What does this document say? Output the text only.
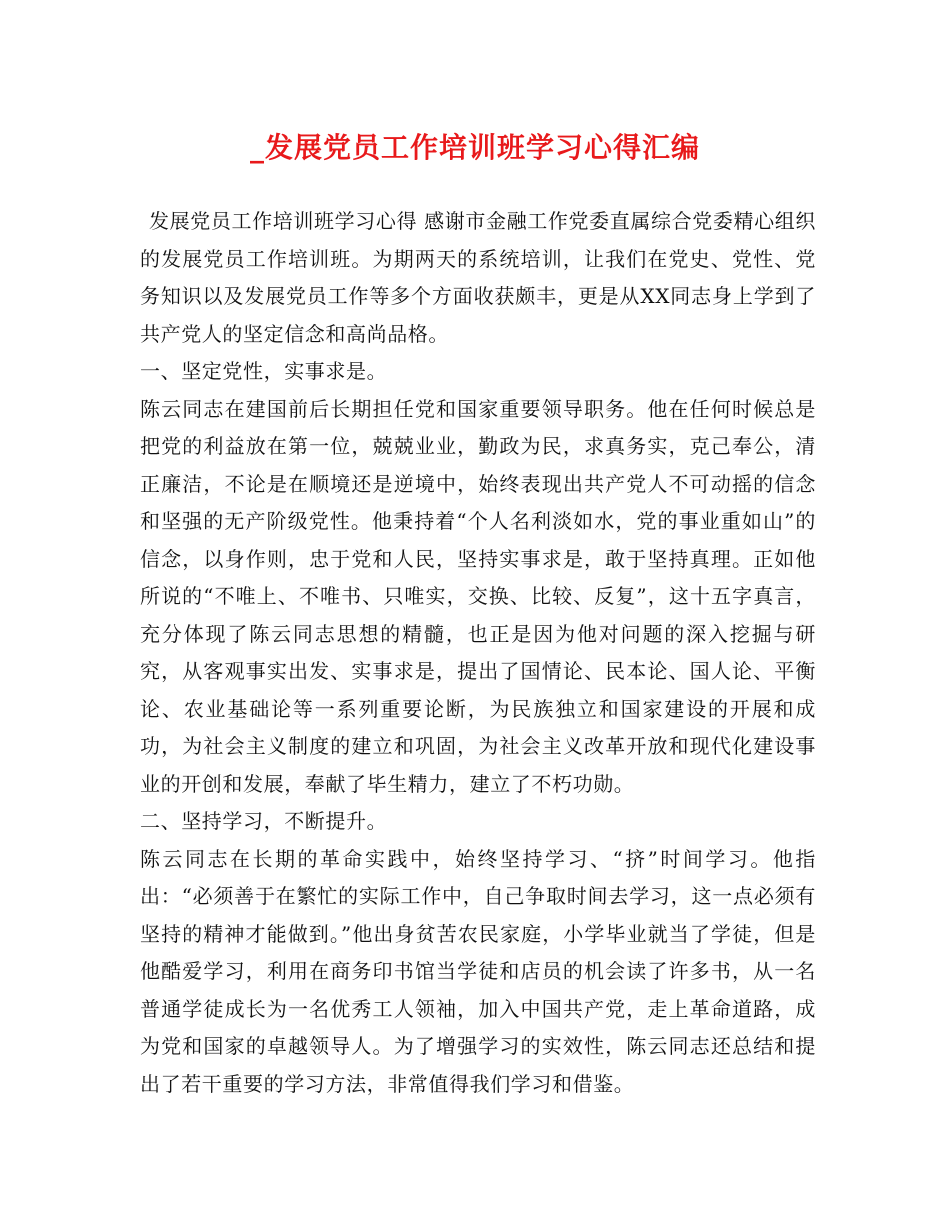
_发展党员工作培训班学习心得汇编

发展党员工作培训班学习心得 感谢市金融工作党委直属综合党委精心组织的发展党员工作培训班。为期两天的系统培训，让我们在党史、党性、党务知识以及发展党员工作等多个方面收获颇丰，更是从XX同志身上学到了共产党人的坚定信念和高尚品格。

一、坚定党性，实事求是。

陈云同志在建国前后长期担任党和国家重要领导职务。他在任何时候总是把党的利益放在第一位，兢兢业业，勤政为民，求真务实，克己奉公，清正廉洁，不论是在顺境还是逆境中，始终表现出共产党人不可动摇的信念和坚强的无产阶级党性。他秉持着“个人名利淡如水，党的事业重如山”的信念，以身作则，忠于党和人民，坚持实事求是，敢于坚持真理。正如他所说的“不唯上、不唯书、只唯实，交换、比较、反复”，这十五字真言，充分体现了陈云同志思想的精髓，也正是因为他对问题的深入挖掘与研究，从客观事实出发、实事求是，提出了国情论、民本论、国人论、平衡论、农业基础论等一系列重要论断，为民族独立和国家建设的开展和成功，为社会主义制度的建立和巩固，为社会主义改革开放和现代化建设事业的开创和发展，奉献了毕生精力，建立了不朽功勋。

二、坚持学习，不断提升。

陈云同志在长期的革命实践中，始终坚持学习、“挤”时间学习。他指出：“必须善于在繁忙的实际工作中，自己争取时间去学习，这一点必须有坚持的精神才能做到。”他出身贫苦农民家庭，小学毕业就当了学徒，但是他酷爱学习，利用在商务印书馆当学徒和店员的机会读了许多书，从一名普通学徒成长为一名优秀工人领袖，加入中国共产党，走上革命道路，成为党和国家的卓越领导人。为了增强学习的实效性，陈云同志还总结和提出了若干重要的学习方法，非常值得我们学习和借鉴。
